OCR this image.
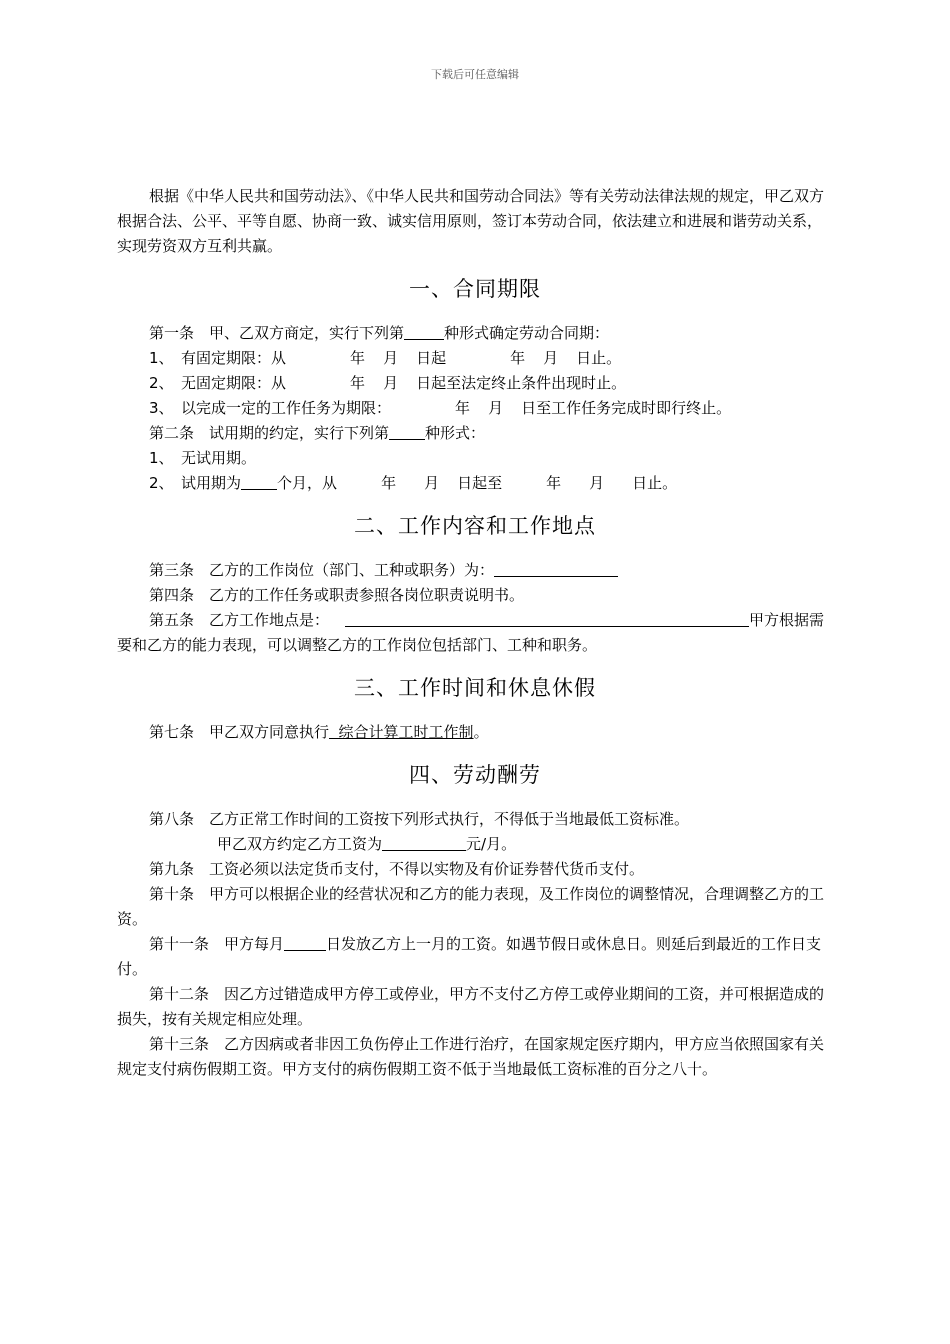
下载后可任意编辑

根据《中华人民共和国劳动法》、《中华人民共和国劳动合同法》等有关劳动法律法规的规定，甲乙双方根据合法、公平、平等自愿、协商一致、诚实信用原则，签订本劳动合同，依法建立和进展和谐劳动关系，实现劳资双方互利共赢。

一、合同期限

第一条　甲、乙双方商定，实行下列第	种形式确定劳动合同期：

1、　有固定期限：从	年 月 日起	年 月 日止。

2、　无固定期限：从	年 月 日起至法定终止条件出现时止。

3、　以完成一定的工作任务为期限：	年 月 日至工作任务完成时即行终止。

第二条　试用期的约定，实行下列第 种形式：

1、　无试用期。

2、　试用期为 个月，从	年 月 日起至	年 月 日止。

二、工作内容和工作地点

第三条　乙方的工作岗位（部门、工种或职务）为：

第四条　乙方的工作任务或职责参照各岗位职责说明书。

第五条　乙方工作地点是：	甲方根据需要和乙方的能力表现，可以调整乙方的工作岗位包括部门、工种和职务。

三、工作时间和休息休假

第七条　甲乙双方同意执行  综合计算工时工作制。

四、劳动酬劳

第八条　乙方正常工作时间的工资按下列形式执行，不得低于当地最低工资标准。

甲乙双方约定乙方工资为	元/月。

第九条　工资必须以法定货币支付，不得以实物及有价证券替代货币支付。

第十条　甲方可以根据企业的经营状况和乙方的能力表现，及工作岗位的调整情况，合理调整乙方的工资。

第十一条　甲方每月	日发放乙方上一月的工资。如遇节假日或休息日。则延后到最近的工作日支付。

第十二条　因乙方过错造成甲方停工或停业，甲方不支付乙方停工或停业期间的工资，并可根据造成的损失，按有关规定相应处理。

第十三条　乙方因病或者非因工负伤停止工作进行治疗，在国家规定医疗期内，甲方应当依照国家有关规定支付病伤假期工资。甲方支付的病伤假期工资不低于当地最低工资标准的百分之八十。
